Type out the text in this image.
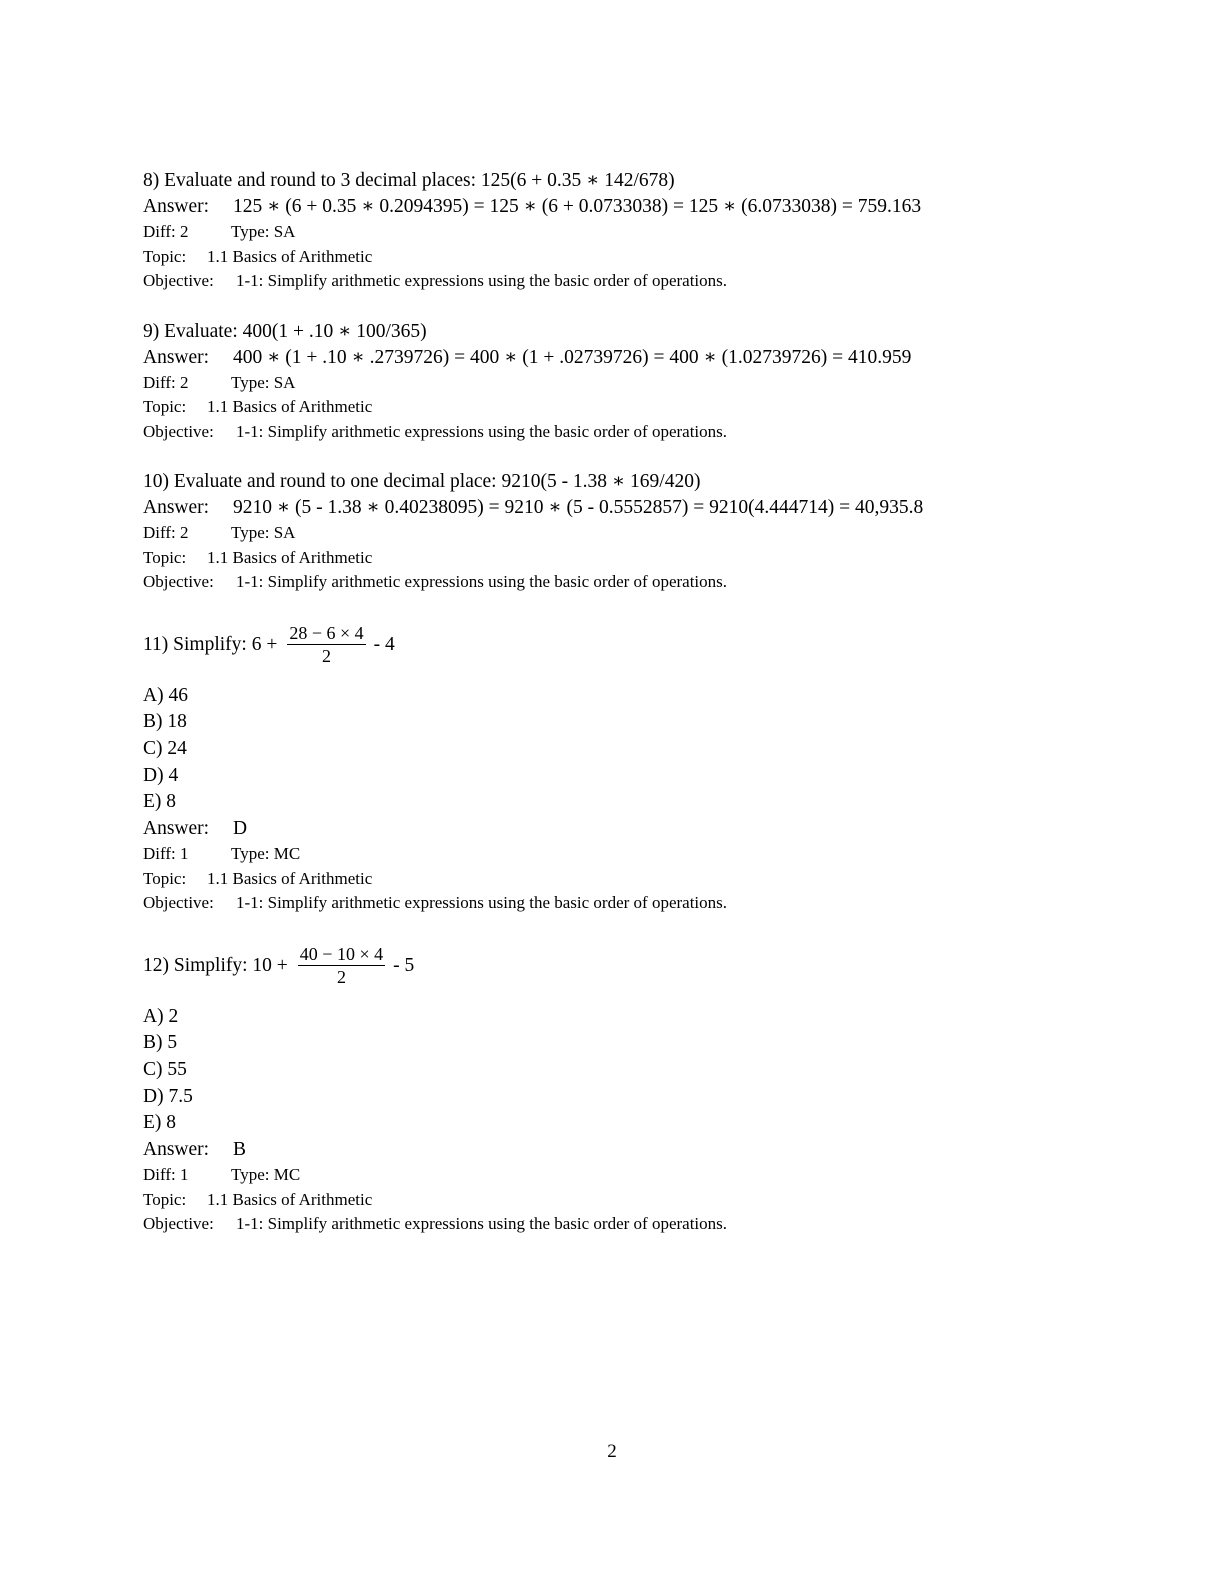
8) Evaluate and round to 3 decimal places: 125(6 + 0.35 ∗ 142/678)

Answer: 125 ∗ (6 + 0.35 ∗ 0.2094395) = 125 ∗ (6 + 0.0733038) = 125 ∗ (6.0733038) = 759.163

Diff: 2	Type: SA

Topic: 1.1 Basics of Arithmetic

Objective: 1-1: Simplify arithmetic expressions using the basic order of operations.

9) Evaluate: 400(1 + .10 ∗ 100/365)

Answer: 400 ∗ (1 + .10 ∗ .2739726) = 400 ∗ (1 + .02739726) = 400 ∗ (1.02739726) = 410.959

Diff: 2	Type: SA

Topic: 1.1 Basics of Arithmetic

Objective: 1-1: Simplify arithmetic expressions using the basic order of operations.

10) Evaluate and round to one decimal place: 9210(5 - 1.38 ∗ 169/420)

Answer: 9210 ∗ (5 - 1.38 ∗ 0.40238095) = 9210 ∗ (5 - 0.5552857) = 9210(4.444714) = 40,935.8

Diff: 2	Type: SA

Topic: 1.1 Basics of Arithmetic

Objective: 1-1: Simplify arithmetic expressions using the basic order of operations.

11) Simplify: $6 + \frac{28 - 6 \times 4}{2} - 4$

A) 46

B) 18

C) 24

D) 4

E) 8

Answer: D

Diff: 1	Type: MC

Topic: 1.1 Basics of Arithmetic

Objective: 1-1: Simplify arithmetic expressions using the basic order of operations.

12) Simplify: $10 + \frac{40 - 10 \times 4}{2} - 5$

A) 2

B) 5

C) 55

D) 7.5

E) 8

Answer: B

Diff: 1	Type: MC

Topic: 1.1 Basics of Arithmetic

Objective: 1-1: Simplify arithmetic expressions using the basic order of operations.

2
